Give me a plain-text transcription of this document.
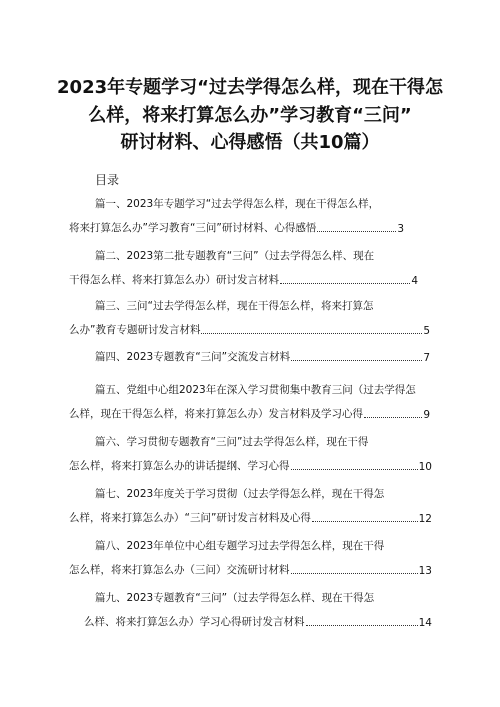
2023年专题学习“过去学得怎么样，现在干得怎
么样，将来打算怎么办”学习教育“三问”
研讨材料、心得感悟（共10篇）
目录
篇一、2023年专题学习“过去学得怎么样，现在干得怎么样，
将来打算怎么办”学习教育“三问”研讨材料、心得感悟	3
篇二、2023第二批专题教育“三问”（过去学得怎么样、现在
干得怎么样、将来打算怎么办）研讨发言材料	4
篇三、三问“过去学得怎么样，现在干得怎么样，将来打算怎
么办”教育专题研讨发言材料	5
篇四、2023专题教育“三问”交流发言材料	7
篇五、党组中心组2023年在深入学习贯彻集中教育三问（过去学得怎
么样，现在干得怎么样，将来打算怎么办）发言材料及学习心得	9
篇六、学习贯彻专题教育“三问”过去学得怎么样，现在干得
怎么样，将来打算怎么办的讲话提纲、学习心得	10
篇七、2023年度关于学习贯彻（过去学得怎么样，现在干得怎
么样，将来打算怎么办）“三问”研讨发言材料及心得	12
篇八、2023年单位中心组专题学习过去学得怎么样，现在干得
怎么样，将来打算怎么办（三问）交流研讨材料	13
篇九、2023专题教育“三问”（过去学得怎么样、现在干得怎
么样、将来打算怎么办）学习心得研讨发言材料	14
